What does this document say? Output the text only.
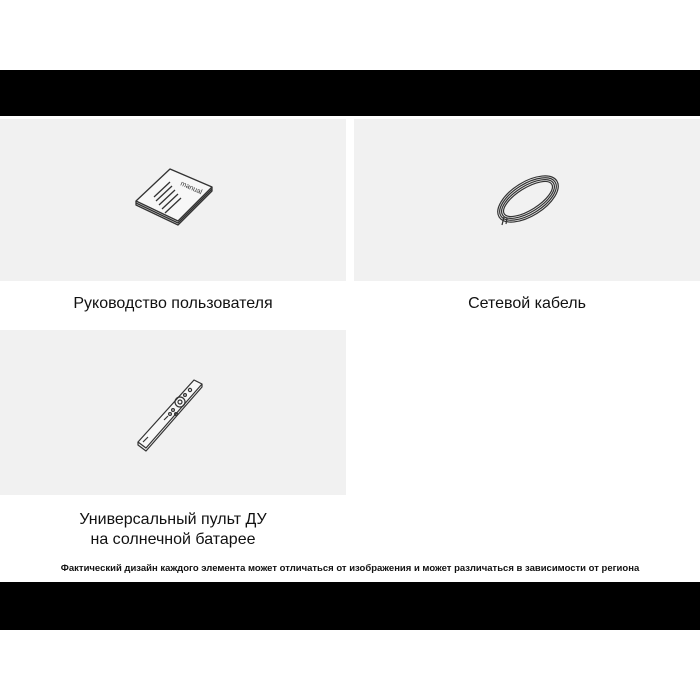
manual
Руководство пользователя	Сетевой кабель
Универсальный пульт ДУ
на солнечной батарее
Фактический дизайн каждого элемента может отличаться от изображения и может различаться в зависимости от региона
